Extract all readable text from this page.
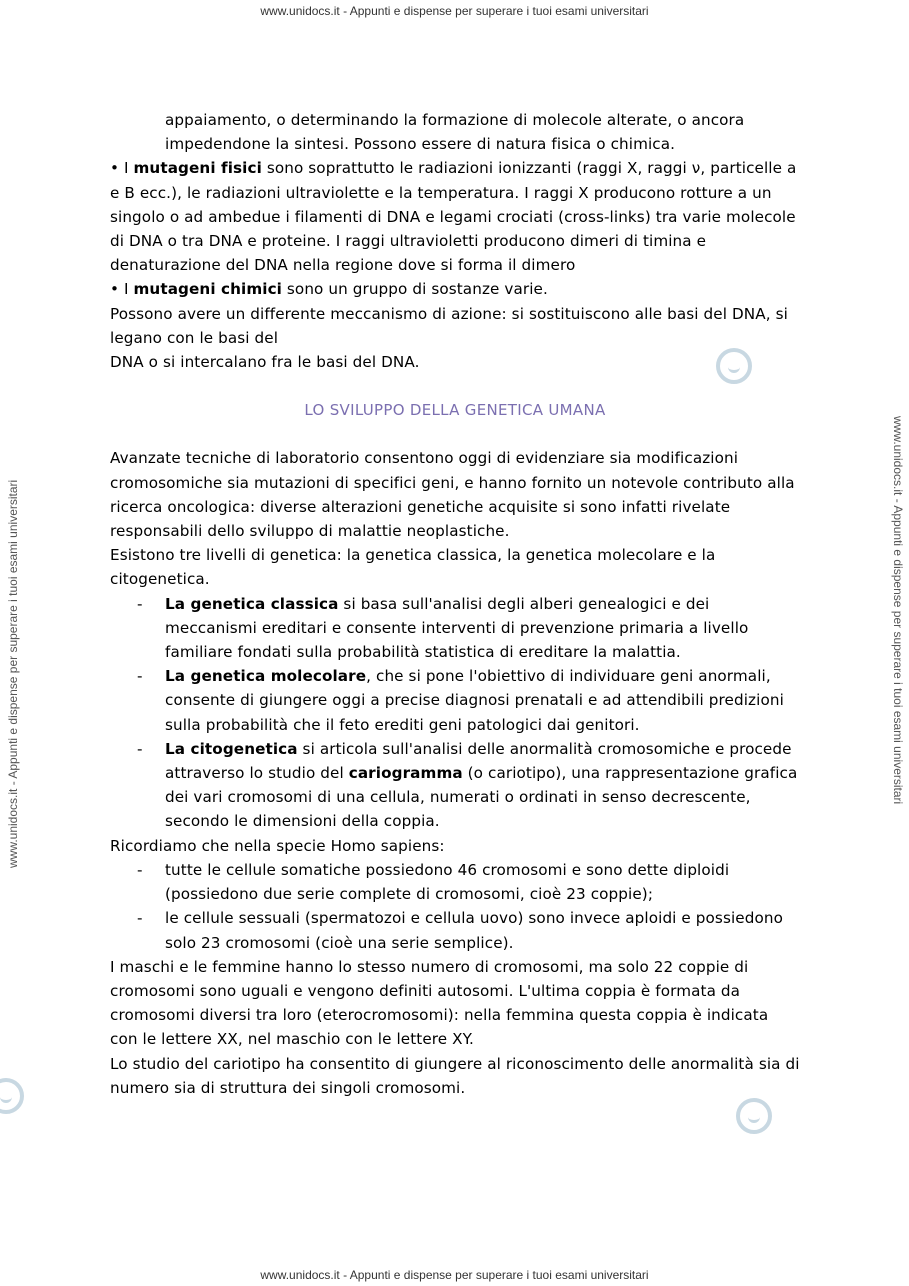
www.unidocs.it - Appunti e dispense per superare i tuoi esami universitari
www.unidocs.it - Appunti e dispense per superare i tuoi esami universitari
www.unidocs.it - Appunti e dispense per superare i tuoi esami universitari	www.unidocs.it - Appunti e dispense per superare i tuoi esami universitari

appaiamento, o determinando la formazione di molecole alterate, o ancora

impedendone la sintesi. Possono essere di natura fisica o chimica.

• I mutageni fisici sono soprattutto le radiazioni ionizzanti (raggi X, raggi ν, particelle a e B ecc.), le radiazioni ultraviolette e la temperatura. I raggi X producono rotture a un singolo o ad ambedue i filamenti di DNA e legami crociati (cross-links) tra varie molecole di DNA o tra DNA e proteine. I raggi ultravioletti producono dimeri di timina e denaturazione del DNA nella regione dove si forma il dimero

• I mutageni chimici sono un gruppo di sostanze varie.

Possono avere un differente meccanismo di azione: si sostituiscono alle basi del DNA, si legano con le basi del

DNA o si intercalano fra le basi del DNA.

LO SVILUPPO DELLA GENETICA UMANA

Avanzate tecniche di laboratorio consentono oggi di evidenziare sia modificazioni cromosomiche sia mutazioni di specifici geni, e hanno fornito un notevole contributo alla ricerca oncologica: diverse alterazioni genetiche acquisite si sono infatti rivelate responsabili dello sviluppo di malattie neoplastiche.

Esistono tre livelli di genetica: la genetica classica, la genetica molecolare e la citogenetica.

-	La genetica classica si basa sull'analisi degli alberi genealogici e dei meccanismi ereditari e consente interventi di prevenzione primaria a livello familiare fondati sulla probabilità statistica di ereditare la malattia.
-	La genetica molecolare, che si pone l'obiettivo di individuare geni anormali, consente di giungere oggi a precise diagnosi prenatali e ad attendibili predizioni sulla probabilità che il feto erediti geni patologici dai genitori.
-	La citogenetica si articola sull'analisi delle anormalità cromosomiche e procede attraverso lo studio del cariogramma (o cariotipo), una rappresentazione grafica dei vari cromosomi di una cellula, numerati o ordinati in senso decrescente, secondo le dimensioni della coppia.

Ricordiamo che nella specie Homo sapiens:

-	tutte le cellule somatiche possiedono 46 cromosomi e sono dette diploidi (possiedono due serie complete di cromosomi, cioè 23 coppie);
-	le cellule sessuali (spermatozoi e cellula uovo) sono invece aploidi e possiedono solo 23 cromosomi (cioè una serie semplice).

I maschi e le femmine hanno lo stesso numero di cromosomi, ma solo 22 coppie di cromosomi sono uguali e vengono definiti autosomi. L'ultima coppia è formata da cromosomi diversi tra loro (eterocromosomi): nella femmina questa coppia è indicata con le lettere XX, nel maschio con le lettere XY.

Lo studio del cariotipo ha consentito di giungere al riconoscimento delle anormalità sia di numero sia di struttura dei singoli cromosomi.
